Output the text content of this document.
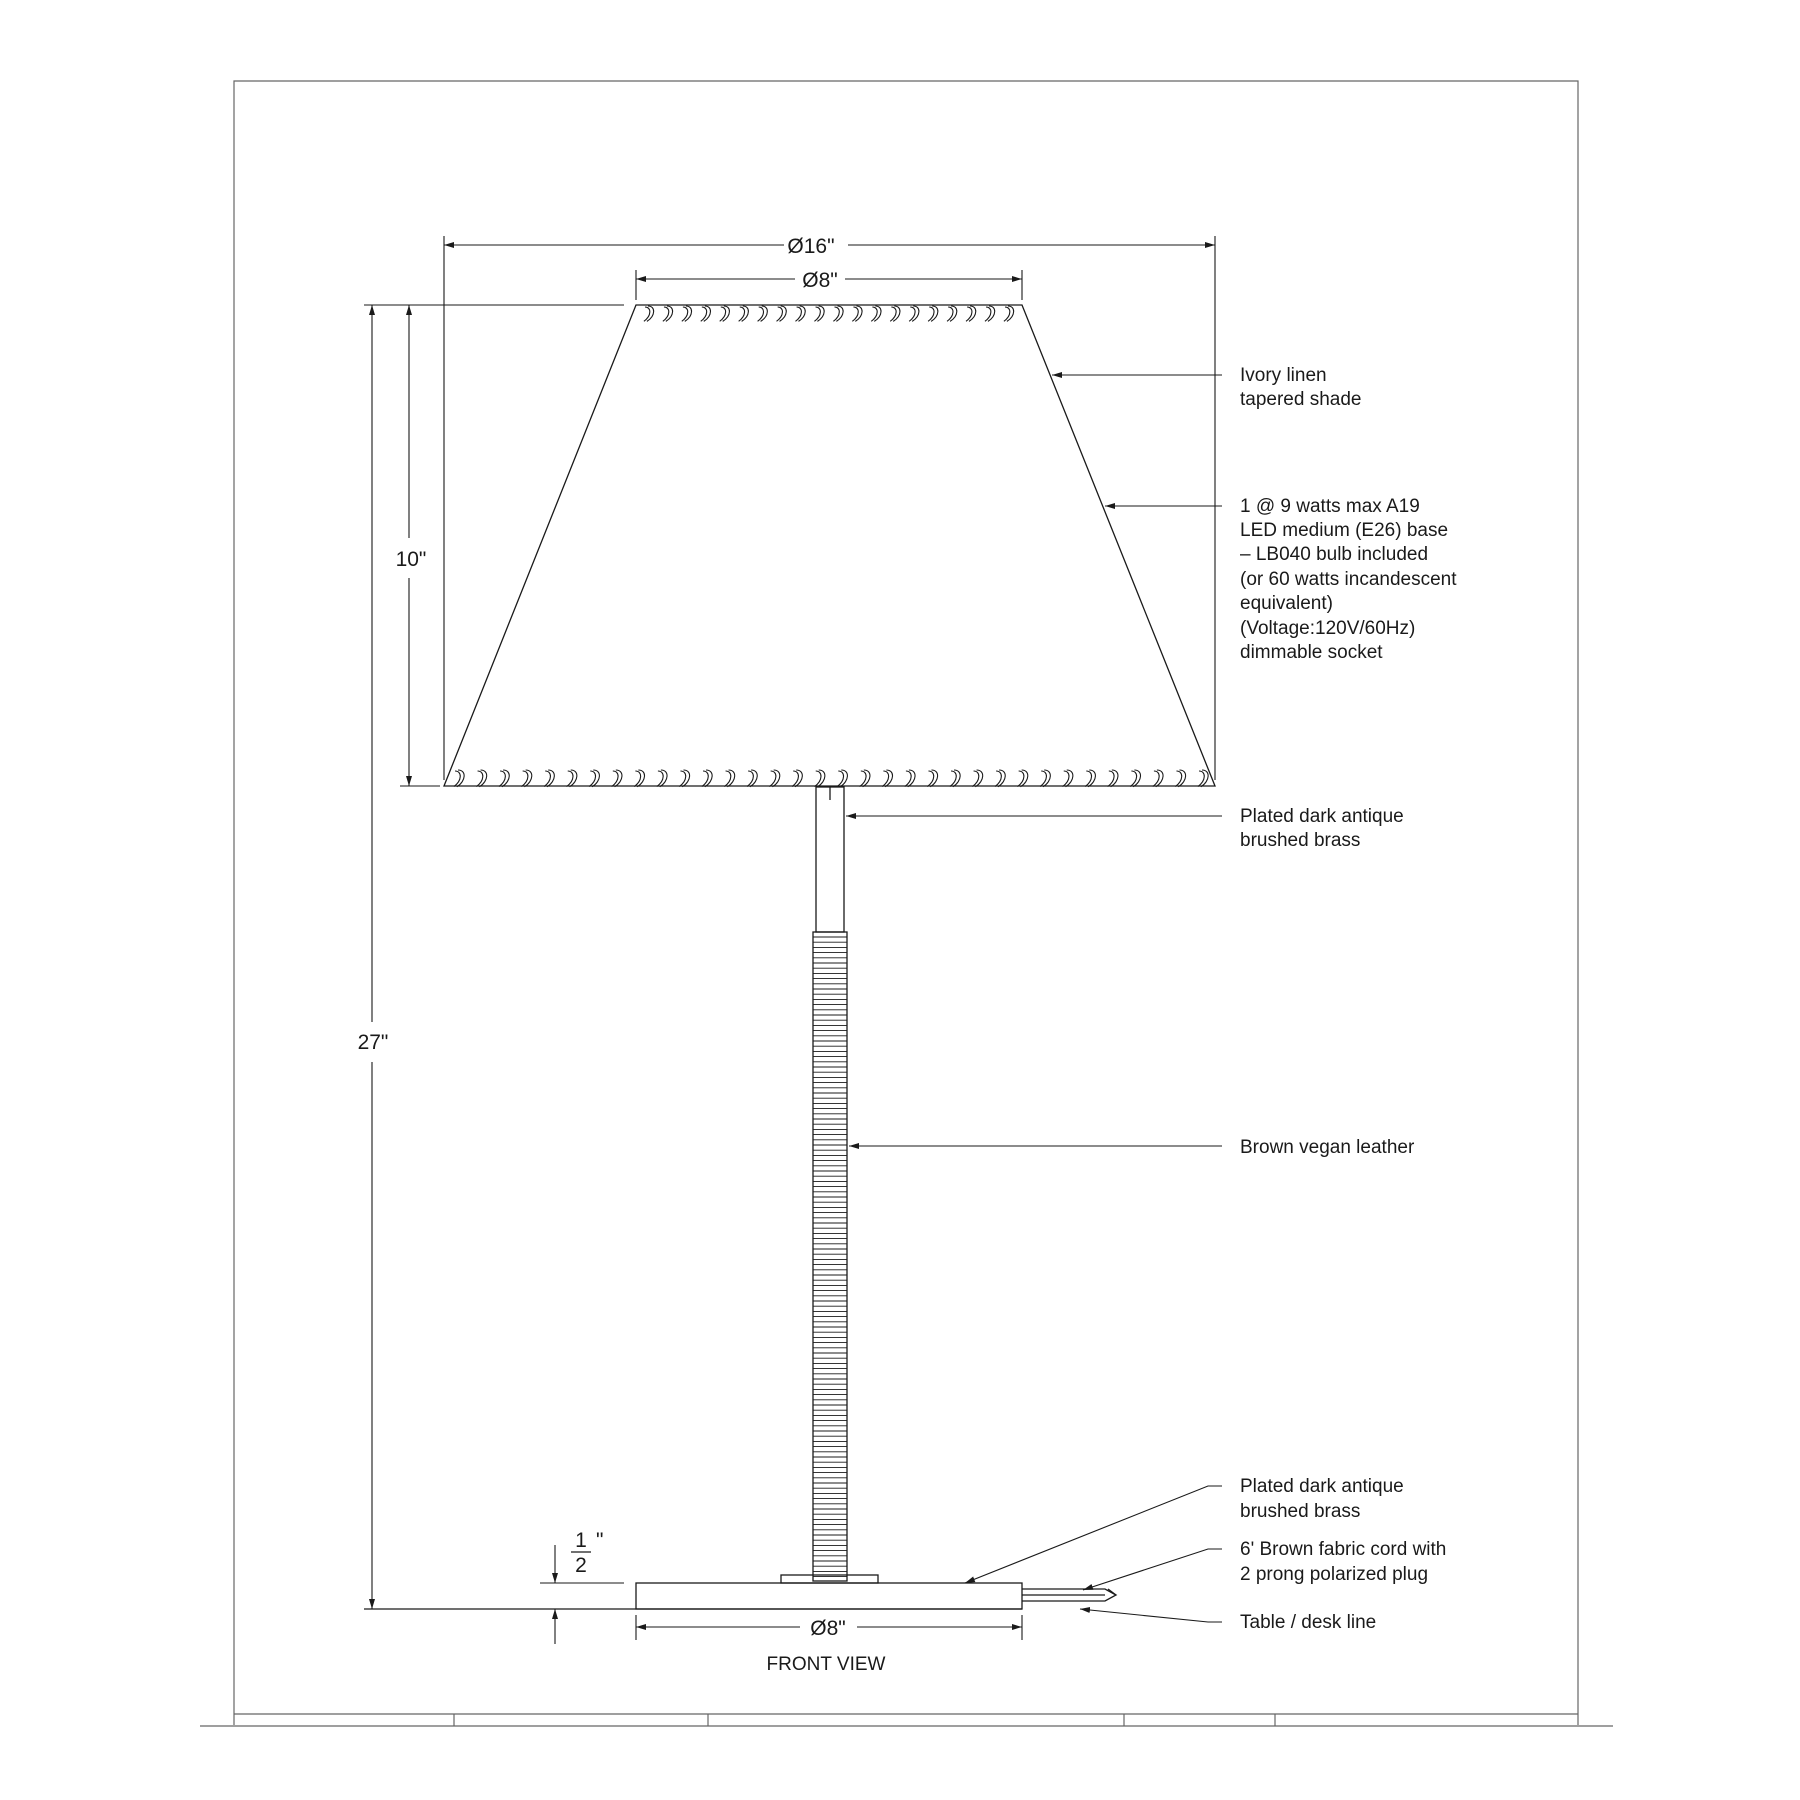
Ø16"
Ø8"
10"
27"
Ø8"
1
2
"
FRONT VIEW
Ivory linen
tapered shade
1 @ 9 watts max A19
LED medium (E26) base
– LB040 bulb included
(or 60 watts incandescent
equivalent)
(Voltage:120V/60Hz)
dimmable socket
Plated dark antique
brushed brass
Brown vegan leather
Plated dark antique
brushed brass
6' Brown fabric cord with
2 prong polarized plug
Table / desk line
